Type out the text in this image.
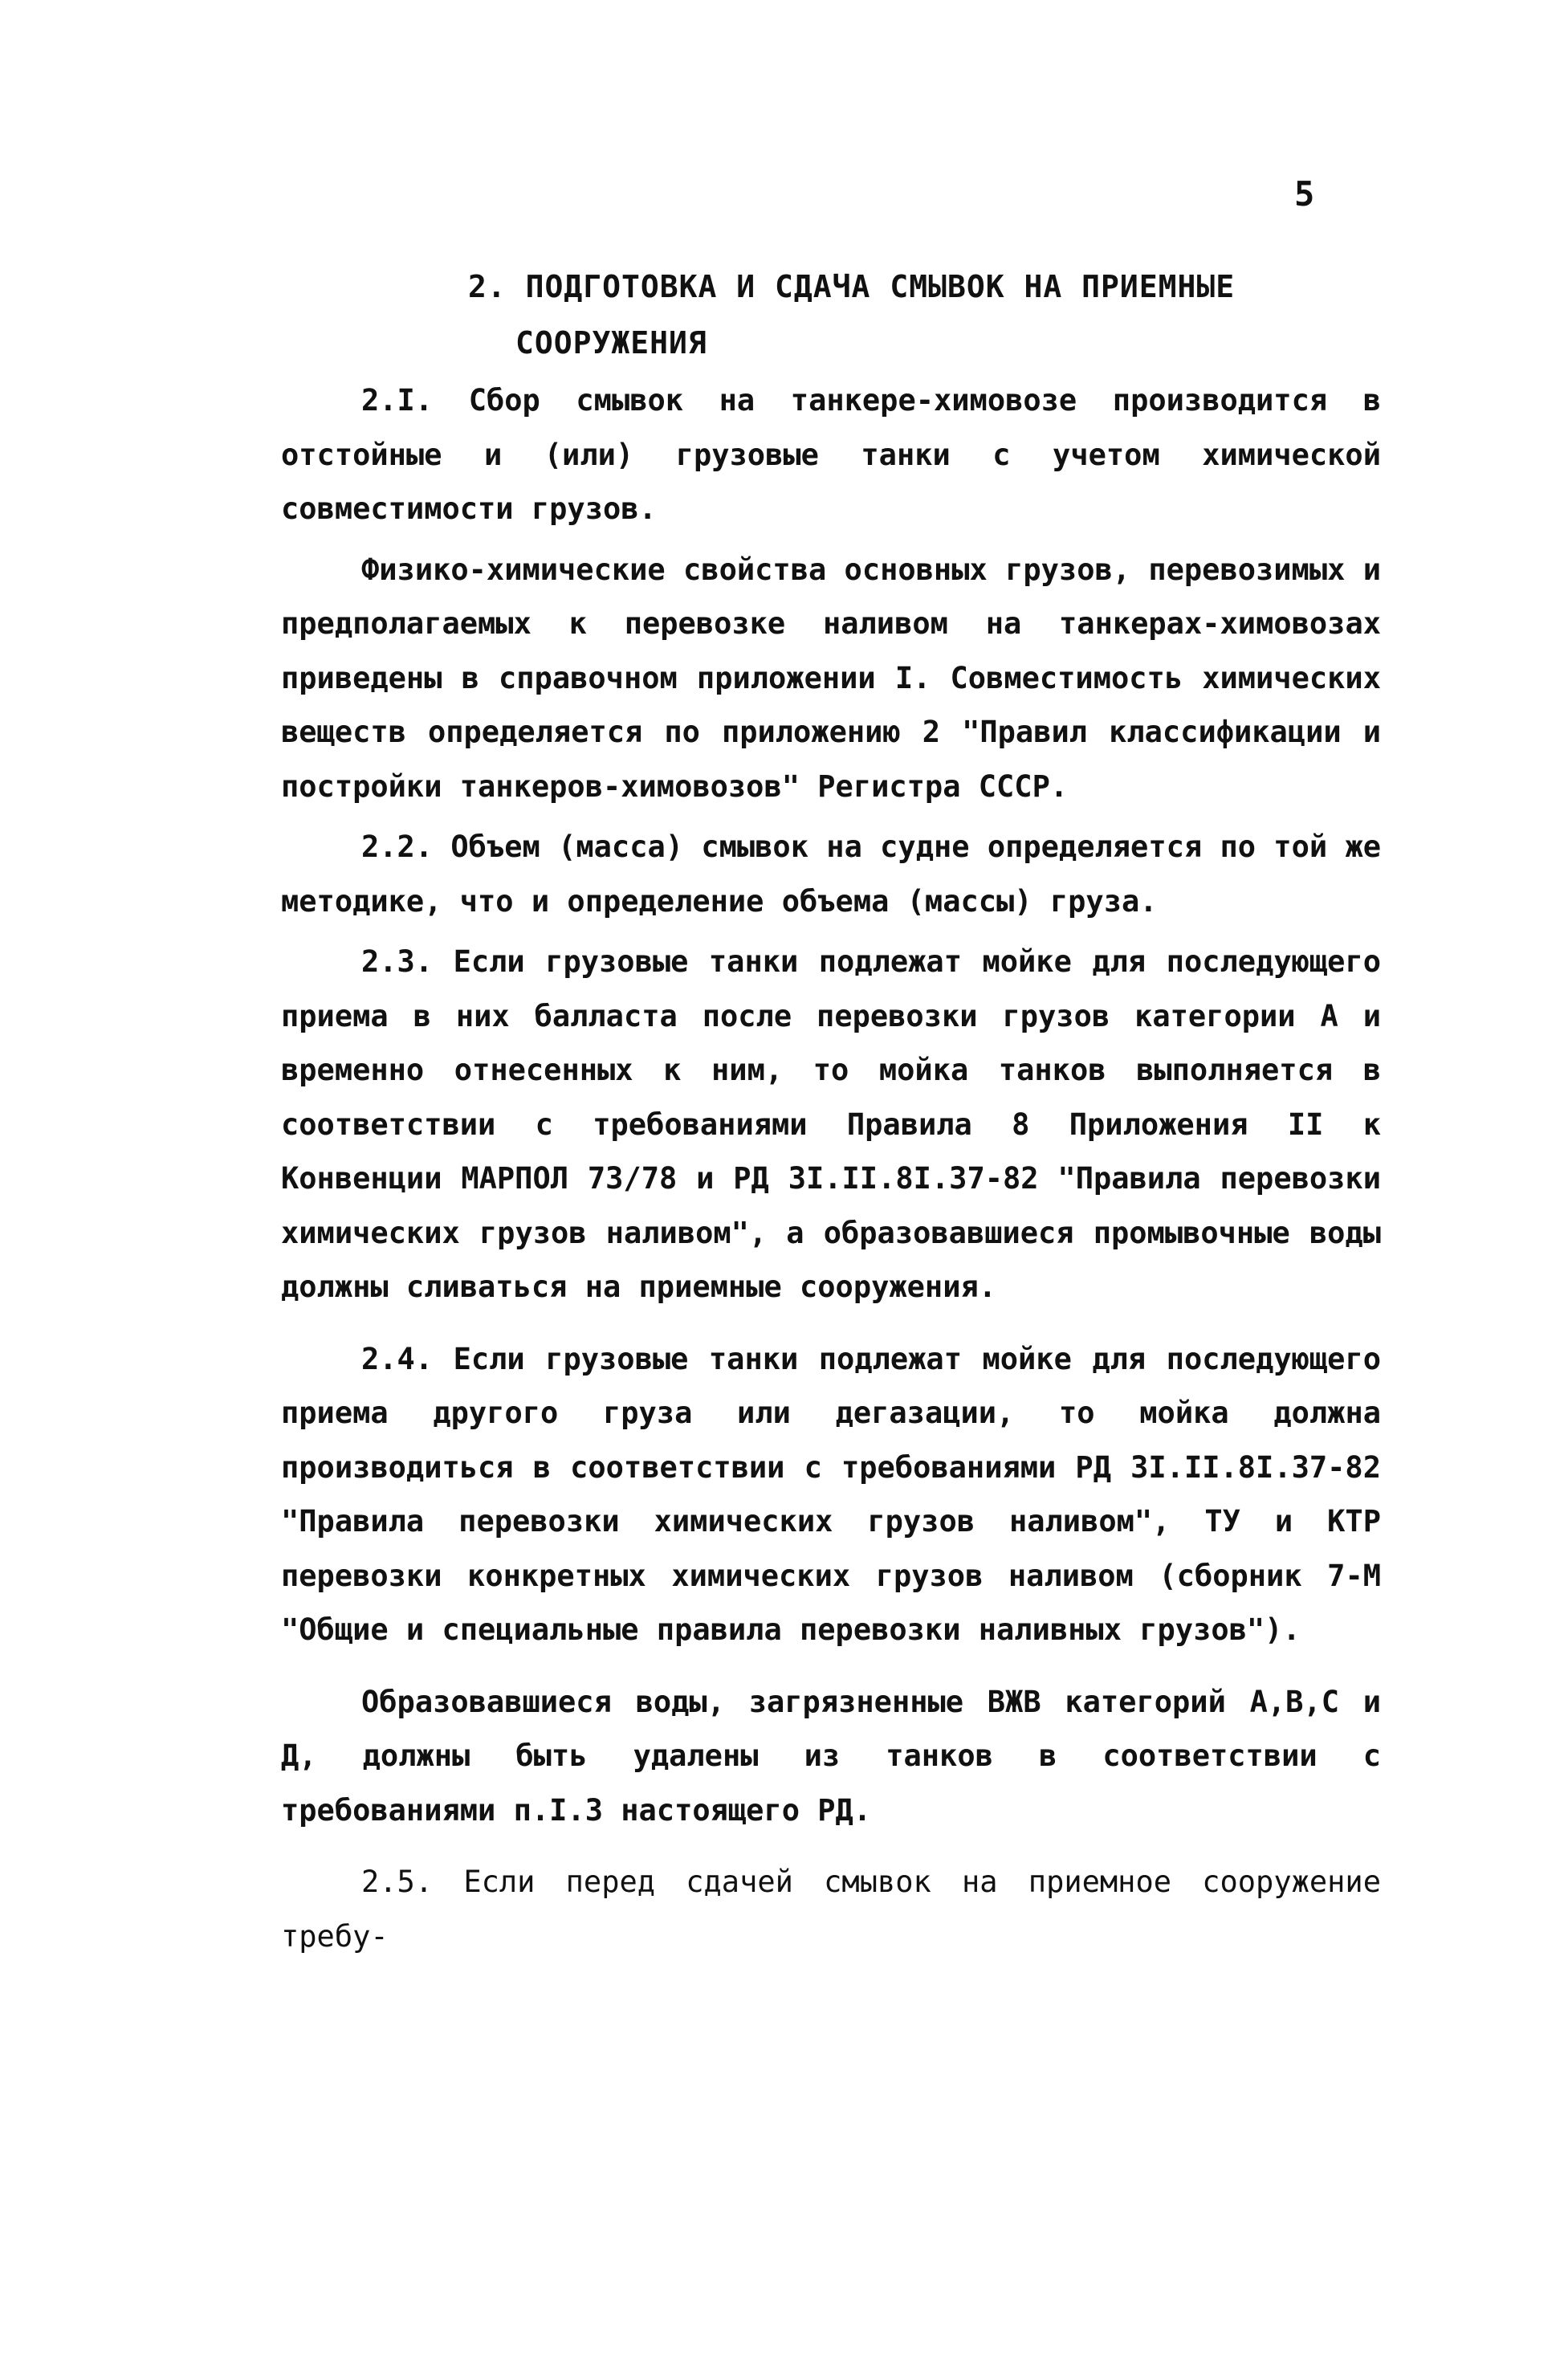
5
2. ПОДГОТОВКА И СДАЧА СМЫВОК НА ПРИЕМНЫЕ
СООРУЖЕНИЯ

2.I. Сбор смывок на танкере-химовозе производится в отстойные и (или) грузовые танки с учетом химической совместимости грузов.

Физико-химические свойства основных грузов, перевозимых и предполагаемых к перевозке наливом на танкерах-химовозах приведены в справочном приложении I. Совместимость химических веществ определяется по приложению 2 "Правил классификации и постройки танкеров-химовозов" Регистра СССР.

2.2. Объем (масса) смывок на судне определяется по той же методике, что и определение объема (массы) груза.

2.3. Если грузовые танки подлежат мойке для последующего приема в них балласта после перевозки грузов категории А и временно отнесенных к ним, то мойка танков выполняется в соответствии с требованиями Правила 8 Приложения II к Конвенции МАРПОЛ 73/78 и РД 3I.II.8I.37-82 "Правила перевозки химических грузов наливом", а образовавшиеся промывочные воды должны сливаться на приемные сооружения.

2.4. Если грузовые танки подлежат мойке для последующего приема другого груза или дегазации, то мойка должна производиться в соответствии с требованиями РД 3I.II.8I.37-82 "Правила перевозки химических грузов наливом", ТУ и КТР перевозки конкретных химических грузов наливом (сборник 7-М "Общие и специальные правила перевозки наливных грузов").

Образовавшиеся воды, загрязненные ВЖВ категорий А,В,С и Д, должны быть удалены из танков в соответствии с требованиями п.I.3 настоящего РД.

2.5. Если перед сдачей смывок на приемное сооружение требу-
